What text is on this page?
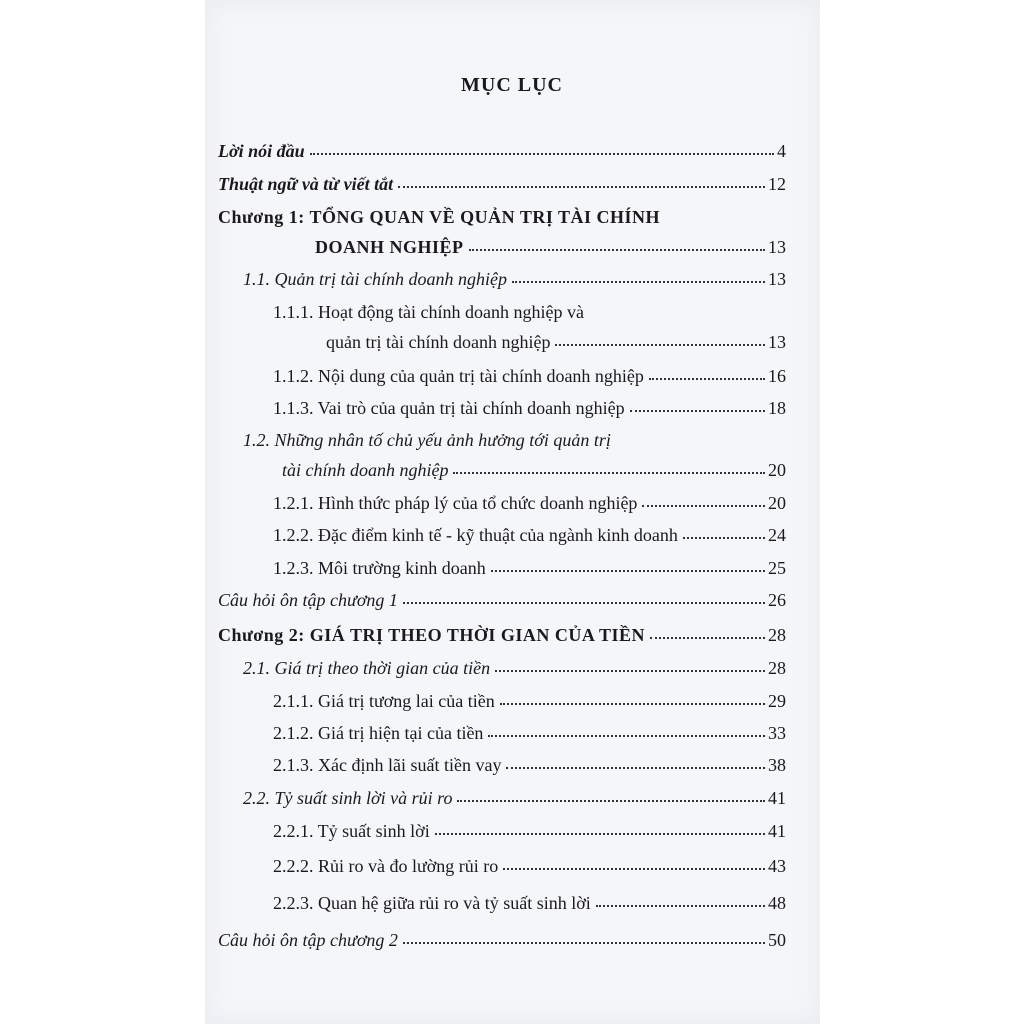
MỤC LỤC
Lời nói đầu	4
Thuật ngữ và từ viết tắt	12
Chương 1: TỔNG QUAN VỀ QUẢN TRỊ TÀI CHÍNH
DOANH NGHIỆP	13
1.1. Quản trị tài chính doanh nghiệp	13
1.1.1. Hoạt động tài chính doanh nghiệp và
quản trị tài chính doanh nghiệp	13
1.1.2. Nội dung của quản trị tài chính doanh nghiệp	16
1.1.3. Vai trò của quản trị tài chính doanh nghiệp	18
1.2. Những nhân tố chủ yếu ảnh hưởng tới quản trị
tài chính doanh nghiệp	20
1.2.1. Hình thức pháp lý của tổ chức doanh nghiệp	20
1.2.2. Đặc điểm kinh tế - kỹ thuật của ngành kinh doanh	24
1.2.3. Môi trường kinh doanh	25
Câu hỏi ôn tập chương 1	26
Chương 2: GIÁ TRỊ THEO THỜI GIAN CỦA TIỀN	28
2.1. Giá trị theo thời gian của tiền	28
2.1.1. Giá trị tương lai của tiền	29
2.1.2. Giá trị hiện tại của tiền	33
2.1.3. Xác định lãi suất tiền vay	38
2.2. Tỷ suất sinh lời và rủi ro	41
2.2.1. Tỷ suất sinh lời	41
2.2.2. Rủi ro và đo lường rủi ro	43
2.2.3. Quan hệ giữa rủi ro và tỷ suất sinh lời	48
Câu hỏi ôn tập chương 2	50
